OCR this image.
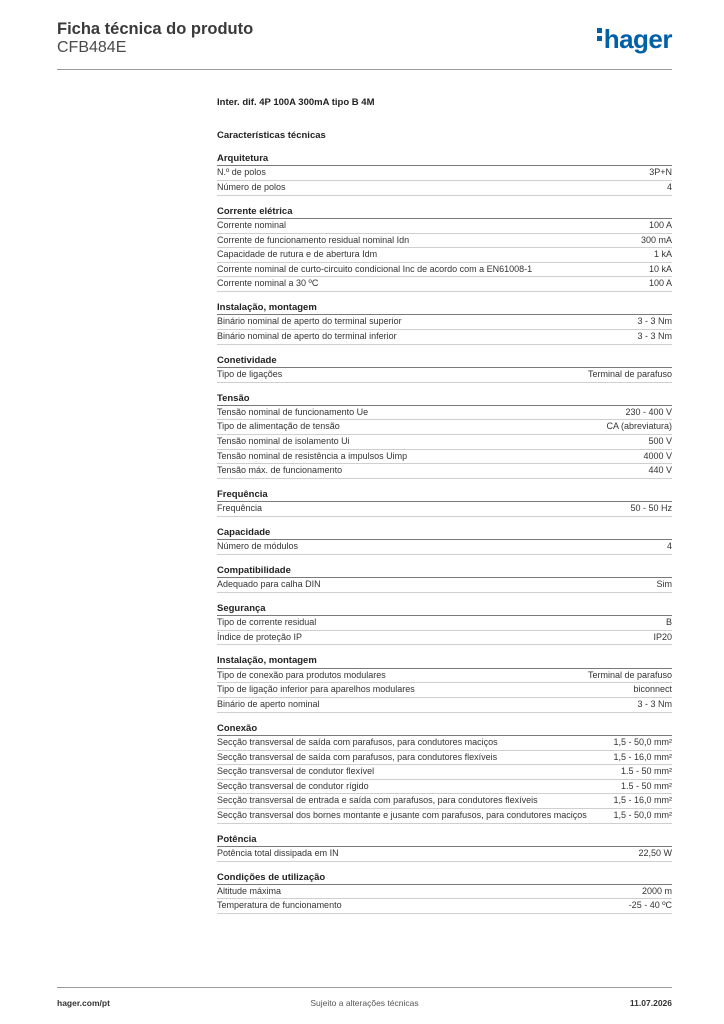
Ficha técnica do produto
CFB484E	hager
Inter. dif. 4P 100A 300mA tipo B 4M
Características técnicas
Arquitetura
N.º de polos	3P+N
Número de polos	4
Corrente elétrica
Corrente nominal	100 A
Corrente de funcionamento residual nominal Idn	300 mA
Capacidade de rutura e de abertura Idm	1 kA
Corrente nominal de curto-circuito condicional Inc de acordo com a EN61008-1	10 kA
Corrente nominal a 30 ºC	100 A
Instalação, montagem
Binário nominal de aperto do terminal superior	3 - 3 Nm
Binário nominal de aperto do terminal inferior	3 - 3 Nm
Conetividade
Tipo de ligações	Terminal de parafuso
Tensão
Tensão nominal de funcionamento Ue	230 - 400 V
Tipo de alimentação de tensão	CA (abreviatura)
Tensão nominal de isolamento Ui	500 V
Tensão nominal de resistência a impulsos Uimp	4000 V
Tensão máx. de funcionamento	440 V
Frequência
Frequência	50 - 50 Hz
Capacidade
Número de módulos	4
Compatibilidade
Adequado para calha DIN	Sim
Segurança
Tipo de corrente residual	B
Índice de proteção IP	IP20
Instalação, montagem
Tipo de conexão para produtos modulares	Terminal de parafuso
Tipo de ligação inferior para aparelhos modulares	biconnect
Binário de aperto nominal	3 - 3 Nm
Conexão
Secção transversal de saída com parafusos, para condutores maciços	1,5 - 50,0 mm²
Secção transversal de saída com parafusos, para condutores flexíveis	1,5 - 16,0 mm²
Secção transversal de condutor flexível	1.5 - 50 mm²
Secção transversal de condutor rígido	1.5 - 50 mm²
Secção transversal de entrada e saída com parafusos, para condutores flexíveis	1,5 - 16,0 mm²
Secção transversal dos bornes montante e jusante com parafusos, para condutores maciços	1,5 - 50,0 mm²
Potência
Potência total dissipada em IN	22,50 W
Condições de utilização
Altitude máxima	2000 m
Temperatura de funcionamento	-25 - 40 ºC
hager.com/pt	Sujeito a alterações técnicas	11.07.2026
